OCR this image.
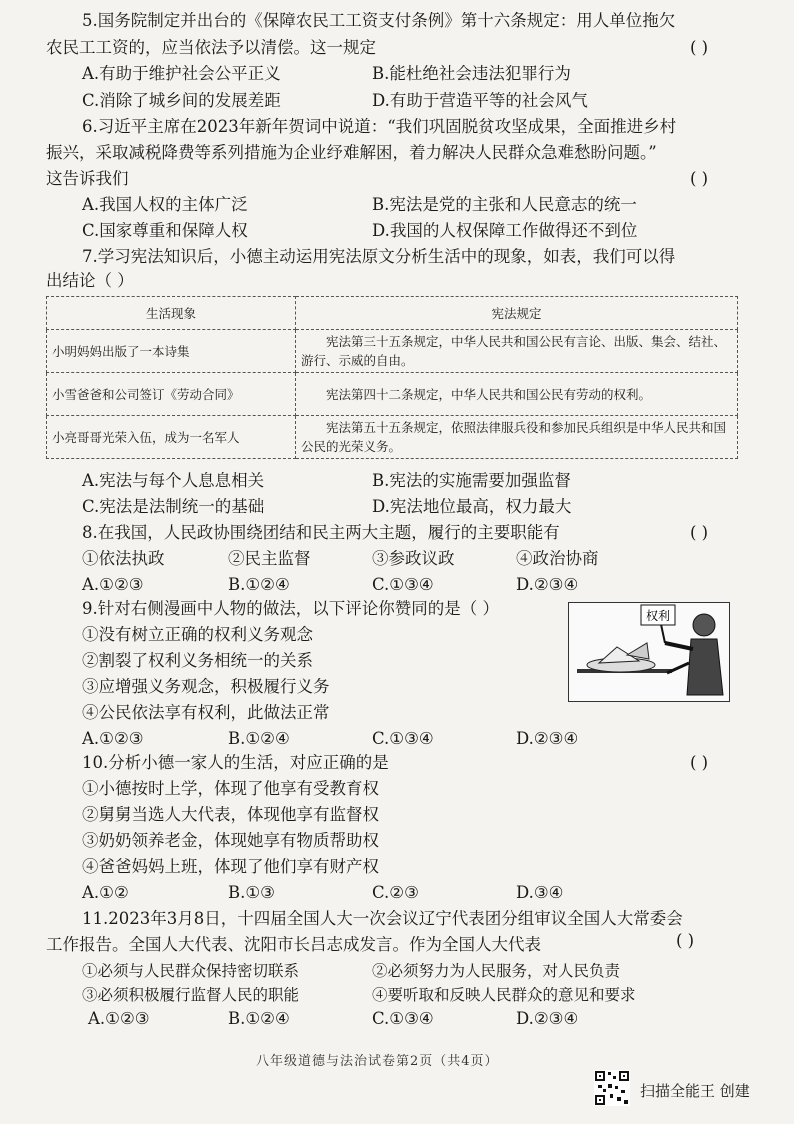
5.国务院制定并出台的《保障农民工工资支付条例》第十六条规定：用人单位拖欠
农民工工资的，应当依法予以清偿。这一规定	( )
A.有助于维护社会公平正义	B.能杜绝社会违法犯罪行为
C.消除了城乡间的发展差距	D.有助于营造平等的社会风气
6.习近平主席在2023年新年贺词中说道：“我们巩固脱贫攻坚成果，全面推进乡村
振兴，采取减税降费等系列措施为企业纾难解困，着力解决人民群众急难愁盼问题。”
这告诉我们	( )
A.我国人权的主体广泛	B.宪法是党的主张和人民意志的统一
C.国家尊重和保障人权	D.我国的人权保障工作做得还不到位
7.学习宪法知识后，小德主动运用宪法原文分析生活中的现象，如表，我们可以得
出结论（ ）
生活现象	宪法规定
小明妈妈出版了一本诗集	宪法第三十五条规定，中华人民共和国公民有言论、出版、集会、结社、游行、示威的自由。
小雪爸爸和公司签订《劳动合同》	宪法第四十二条规定，中华人民共和国公民有劳动的权利。
小亮哥哥光荣入伍，成为一名军人	宪法第五十五条规定，依照法律服兵役和参加民兵组织是中华人民共和国公民的光荣义务。
A.宪法与每个人息息相关	B.宪法的实施需要加强监督
C.宪法是法制统一的基础	D.宪法地位最高，权力最大
8.在我国，人民政协围绕团结和民主两大主题，履行的主要职能有	( )
①依法执政	②民主监督	③参政议政	④政治协商
A.①②③	B.①②④	C.①③④	D.②③④
9.针对右侧漫画中人物的做法，以下评论你赞同的是（ ）
①没有树立正确的权利义务观念
②割裂了权利义务相统一的关系
③应增强义务观念，积极履行义务
④公民依法享有权利，此做法正常
A.①②③	B.①②④	C.①③④	D.②③④
权利
10.分析小德一家人的生活，对应正确的是	( )
①小德按时上学，体现了他享有受教育权
②舅舅当选人大代表，体现他享有监督权
③奶奶领养老金，体现她享有物质帮助权
④爸爸妈妈上班，体现了他们享有财产权
A.①②	B.①③	C.②③	D.③④
11.2023年3月8日，十四届全国人大一次会议辽宁代表团分组审议全国人大常委会
工作报告。全国人大代表、沈阳市长吕志成发言。作为全国人大代表	( )
①必须与人民群众保持密切联系	②必须努力为人民服务，对人民负责
③必须积极履行监督人民的职能	④要听取和反映人民群众的意见和要求
A.①②③	B.①②④	C.①③④	D.②③④
八年级道德与法治试卷第2页（共4页）
扫描全能王 创建
